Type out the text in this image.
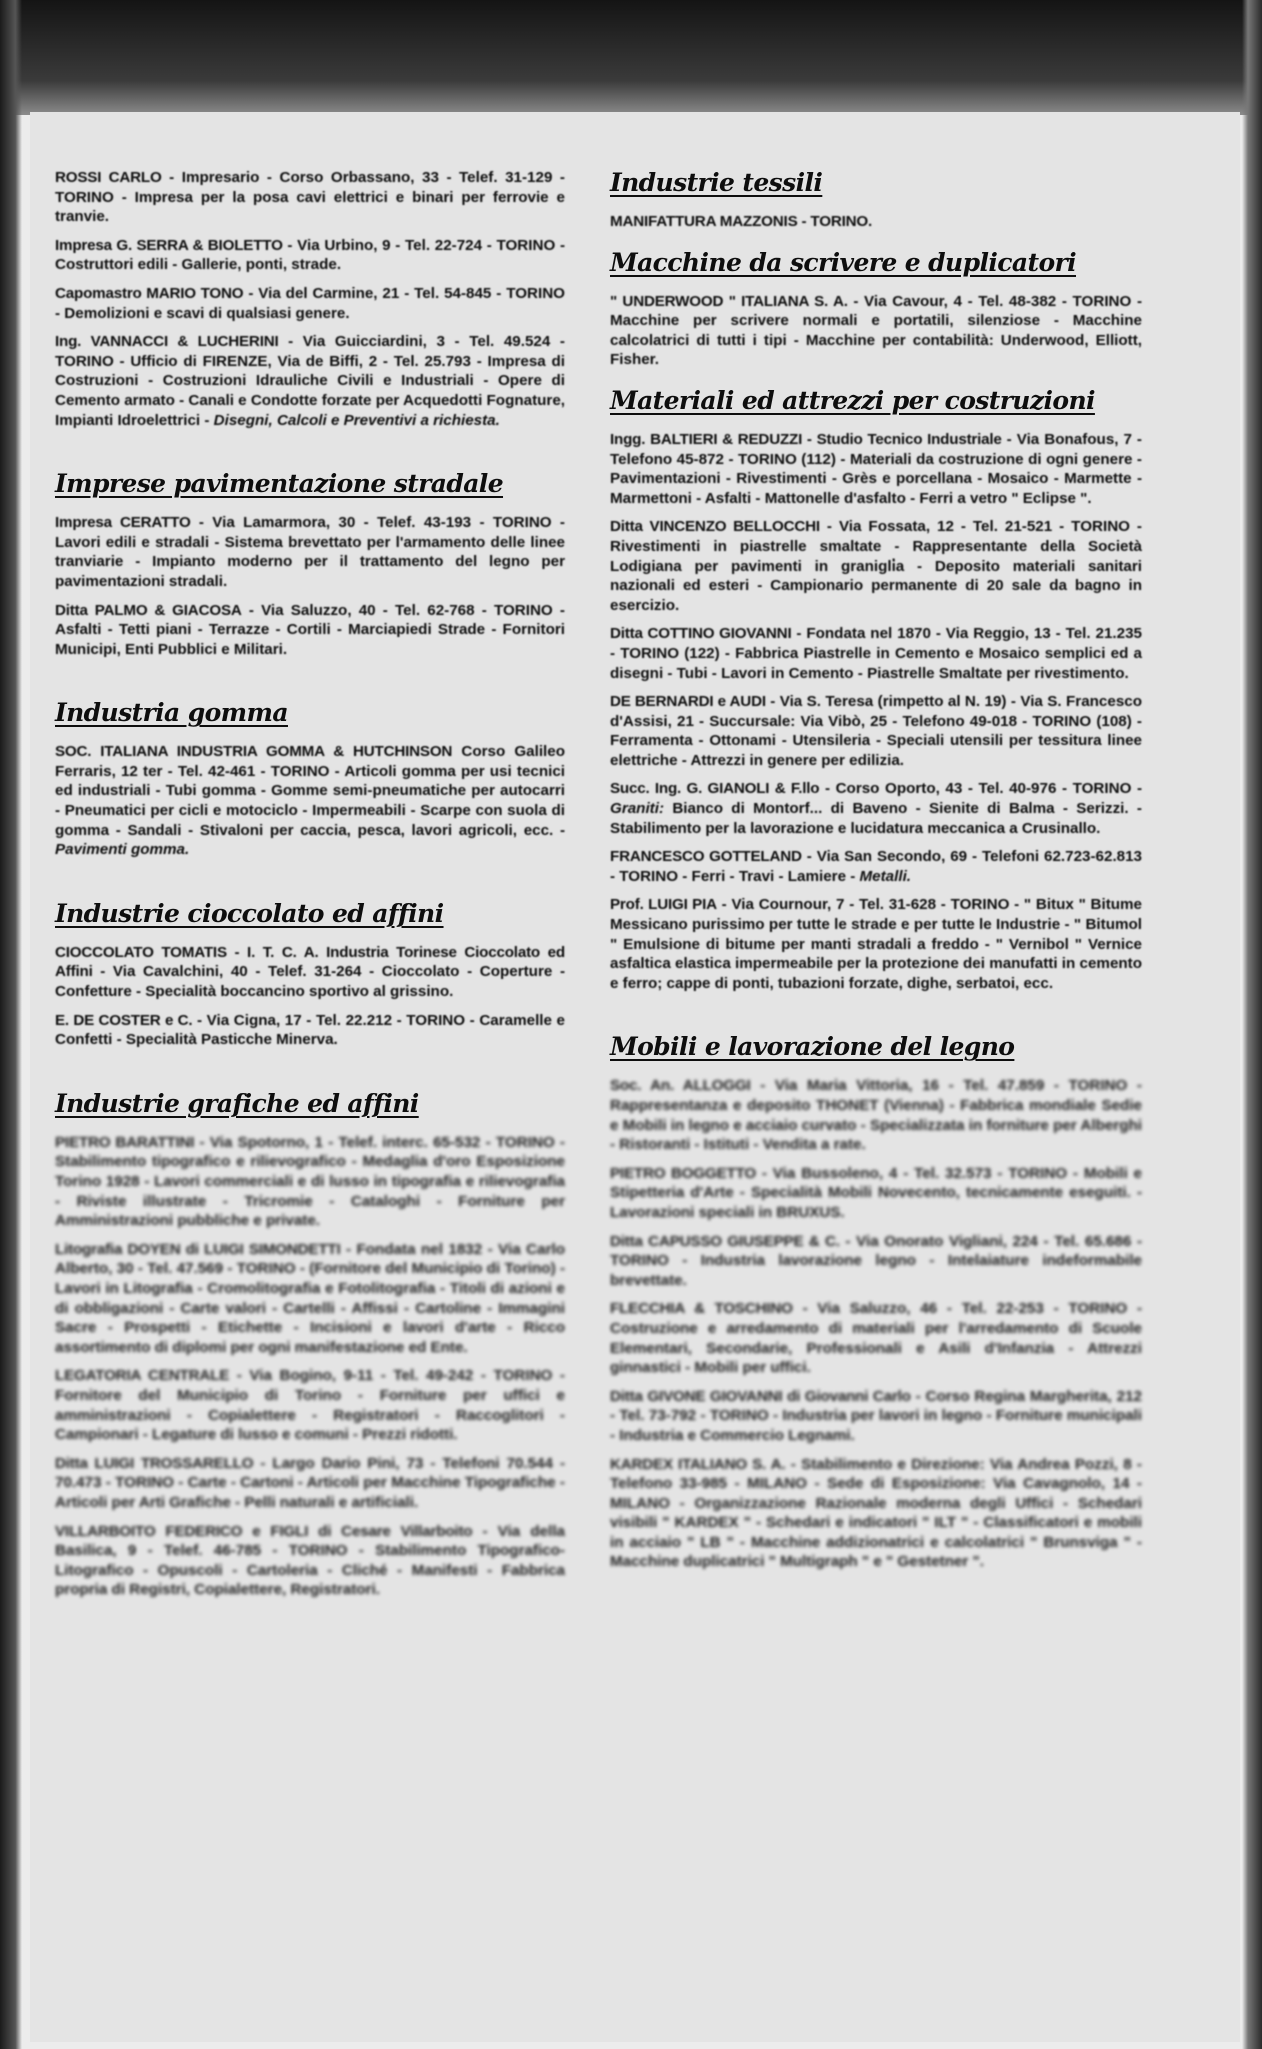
ROSSI CARLO - Impresario - Corso Orbassano, 33 - Telef. 31-129 - TORINO - Impresa per la posa cavi elettrici e binari per ferrovie e tranvie.

Impresa G. SERRA & BIOLETTO - Via Urbino, 9 - Tel. 22-724 - TORINO - Costruttori edili - Gallerie, ponti, strade.

Capomastro MARIO TONO - Via del Carmine, 21 - Tel. 54-845 - TORINO - Demolizioni e scavi di qualsiasi genere.

Ing. VANNACCI & LUCHERINI - Via Guicciardini, 3 - Tel. 49.524 - TORINO - Ufficio di FIRENZE, Via de Biffi, 2 - Tel. 25.793 - Impresa di Costruzioni - Costruzioni Idrauliche Civili e Industriali - Opere di Cemento armato - Canali e Condotte forzate per Acquedotti Fognature, Impianti Idroelettrici - Disegni, Calcoli e Preventivi a richiesta.

Imprese pavimentazione stradale

Impresa CERATTO - Via Lamarmora, 30 - Telef. 43-193 - TORINO - Lavori edili e stradali - Sistema brevettato per l'armamento delle linee tranviarie - Impianto moderno per il trattamento del legno per pavimentazioni stradali.

Ditta PALMO & GIACOSA - Via Saluzzo, 40 - Tel. 62-768 - TORINO - Asfalti - Tetti piani - Terrazze - Cortili - Marciapiedi Strade - Fornitori Municipi, Enti Pubblici e Militari.

Industria gomma

SOC. ITALIANA INDUSTRIA GOMMA & HUTCHINSON Corso Galileo Ferraris, 12 ter - Tel. 42-461 - TORINO - Articoli gomma per usi tecnici ed industriali - Tubi gomma - Gomme semi-pneumatiche per autocarri - Pneumatici per cicli e motociclo - Impermeabili - Scarpe con suola di gomma - Sandali - Stivaloni per caccia, pesca, lavori agricoli, ecc. - Pavimenti gomma.

Industrie cioccolato ed affini

CIOCCOLATO TOMATIS - I. T. C. A. Industria Torinese Cioccolato ed Affini - Via Cavalchini, 40 - Telef. 31-264 - Cioccolato - Coperture - Confetture - Specialità boccancino sportivo al grissino.

E. DE COSTER e C. - Via Cigna, 17 - Tel. 22.212 - TORINO - Caramelle e Confetti - Specialità Pasticche Minerva.

Industrie grafiche ed affini

PIETRO BARATTINI - Via Spotorno, 1 - Telef. interc. 65-532 - TORINO - Stabilimento tipografico e rilievografico - Medaglia d'oro Esposizione Torino 1928 - Lavori commerciali e di lusso in tipografia e rilievografia - Riviste illustrate - Tricromie - Cataloghi - Forniture per Amministrazioni pubbliche e private.

Litografia DOYEN di LUIGI SIMONDETTI - Fondata nel 1832 - Via Carlo Alberto, 30 - Tel. 47.569 - TORINO - (Fornitore del Municipio di Torino) - Lavori in Litografia - Cromolitografia e Fotolitografia - Titoli di azioni e di obbligazioni - Carte valori - Cartelli - Affissi - Cartoline - Immagini Sacre - Prospetti - Etichette - Incisioni e lavori d'arte - Ricco assortimento di diplomi per ogni manifestazione ed Ente.

LEGATORIA CENTRALE - Via Bogino, 9-11 - Tel. 49-242 - TORINO - Fornitore del Municipio di Torino - Forniture per uffici e amministrazioni - Copialettere - Registratori - Raccoglitori - Campionari - Legature di lusso e comuni - Prezzi ridotti.

Ditta LUIGI TROSSARELLO - Largo Dario Pini, 73 - Telefoni 70.544 - 70.473 - TORINO - Carte - Cartoni - Articoli per Macchine Tipografiche - Articoli per Arti Grafiche - Pelli naturali e artificiali.

VILLARBOITO FEDERICO e FIGLI di Cesare Villarboito - Via della Basilica, 9 - Telef. 46-785 - TORINO - Stabilimento Tipografico-Litografico - Opuscoli - Cartoleria - Cliché - Manifesti - Fabbrica propria di Registri, Copialettere, Registratori.

Industrie tessili

MANIFATTURA MAZZONIS - TORINO.

Macchine da scrivere e duplicatori

" UNDERWOOD " ITALIANA S. A. - Via Cavour, 4 - Tel. 48-382 - TORINO - Macchine per scrivere normali e portatili, silenziose - Macchine calcolatrici di tutti i tipi - Macchine per contabilità: Underwood, Elliott, Fisher.

Materiali ed attrezzi per costruzioni

Ingg. BALTIERI & REDUZZI - Studio Tecnico Industriale - Via Bonafous, 7 - Telefono 45-872 - TORINO (112) - Materiali da costruzione di ogni genere - Pavimentazioni - Rivestimenti - Grès e porcellana - Mosaico - Marmette - Marmettoni - Asfalti - Mattonelle d'asfalto - Ferri a vetro " Eclipse ".

Ditta VINCENZO BELLOCCHI - Via Fossata, 12 - Tel. 21-521 - TORINO - Rivestimenti in piastrelle smaltate - Rappresentante della Società Lodigiana per pavimenti in granigli̇a - Deposito materiali sanitari nazionali ed esteri - Campionario permanente di 20 sale da bagno in esercizio.

Ditta COTTINO GIOVANNI - Fondata nel 1870 - Via Reggio, 13 - Tel. 21.235 - TORINO (122) - Fabbrica Piastrelle in Cemento e Mosaico semplici ed a disegni - Tubi - Lavori in Cemento - Piastrelle Smaltate per rivestimento.

DE BERNARDI e AUDI - Via S. Teresa (rimpetto al N. 19) - Via S. Francesco d'Assisi, 21 - Succursale: Via Vibò, 25 - Telefono 49-018 - TORINO (108) - Ferramenta - Ottonami - Utensileria - Speciali utensili per tessitura linee elettriche - Attrezzi in genere per edilizia.

Succ. Ing. G. GIANOLI & F.llo - Corso Oporto, 43 - Tel. 40-976 - TORINO - Graniti: Bianco di Montorf... di Baveno - Sienite di Balma - Serizzi. - Stabilimento per la lavorazione e lucidatura meccanica a Crusinallo.

FRANCESCO GOTTELAND - Via San Secondo, 69 - Telefoni 62.723-62.813 - TORINO - Ferri - Travi - Lamiere - Metalli.

Prof. LUIGI PIA - Via Cournour, 7 - Tel. 31-628 - TORINO - " Bitux " Bitume Messicano purissimo per tutte le strade e per tutte le Industrie - " Bitumol " Emulsione di bitume per manti stradali a freddo - " Vernibol " Vernice asfaltica elastica impermeabile per la protezione dei manufatti in cemento e ferro; cappe di ponti, tubazioni forzate, dighe, serbatoi, ecc.

Mobili e lavorazione del legno

Soc. An. ALLOGGI - Via Maria Vittoria, 16 - Tel. 47.859 - TORINO - Rappresentanza e deposito THONET (Vienna) - Fabbrica mondiale Sedie e Mobili in legno e acciaio curvato - Specializzata in forniture per Alberghi - Ristoranti - Istituti - Vendita a rate.

PIETRO BOGGETTO - Via Bussoleno, 4 - Tel. 32.573 - TORINO - Mobili e Stipetteria d'Arte - Specialità Mobili Novecento, tecnicamente eseguiti. - Lavorazioni speciali in BRUXUS.

Ditta CAPUSSO GIUSEPPE & C. - Via Onorato Vigliani, 224 - Tel. 65.686 - TORINO - Industria lavorazione legno - Intelaiature indeformabile brevettate.

FLECCHIA & TOSCHINO - Via Saluzzo, 46 - Tel. 22-253 - TORINO - Costruzione e arredamento di materiali per l'arredamento di Scuole Elementari, Secondarie, Professionali e Asili d'Infanzia - Attrezzi ginnastici - Mobili per uffici.

Ditta GIVONE GIOVANNI di Giovanni Carlo - Corso Regina Margherita, 212 - Tel. 73-792 - TORINO - Industria per lavori in legno - Forniture municipali - Industria e Commercio Legnami.

KARDEX ITALIANO S. A. - Stabilimento e Direzione: Via Andrea Pozzi, 8 - Telefono 33-985 - MILANO - Sede di Esposizione: Via Cavagnolo, 14 - MILANO - Organizzazione Razionale moderna degli Uffici - Schedari visibili " KARDEX " - Schedari e indicatori " ILT " - Classificatori e mobili in acciaio " LB " - Macchine addizionatrici e calcolatrici " Brunsviga " - Macchine duplicatrici " Multigraph " e " Gestetner ".
